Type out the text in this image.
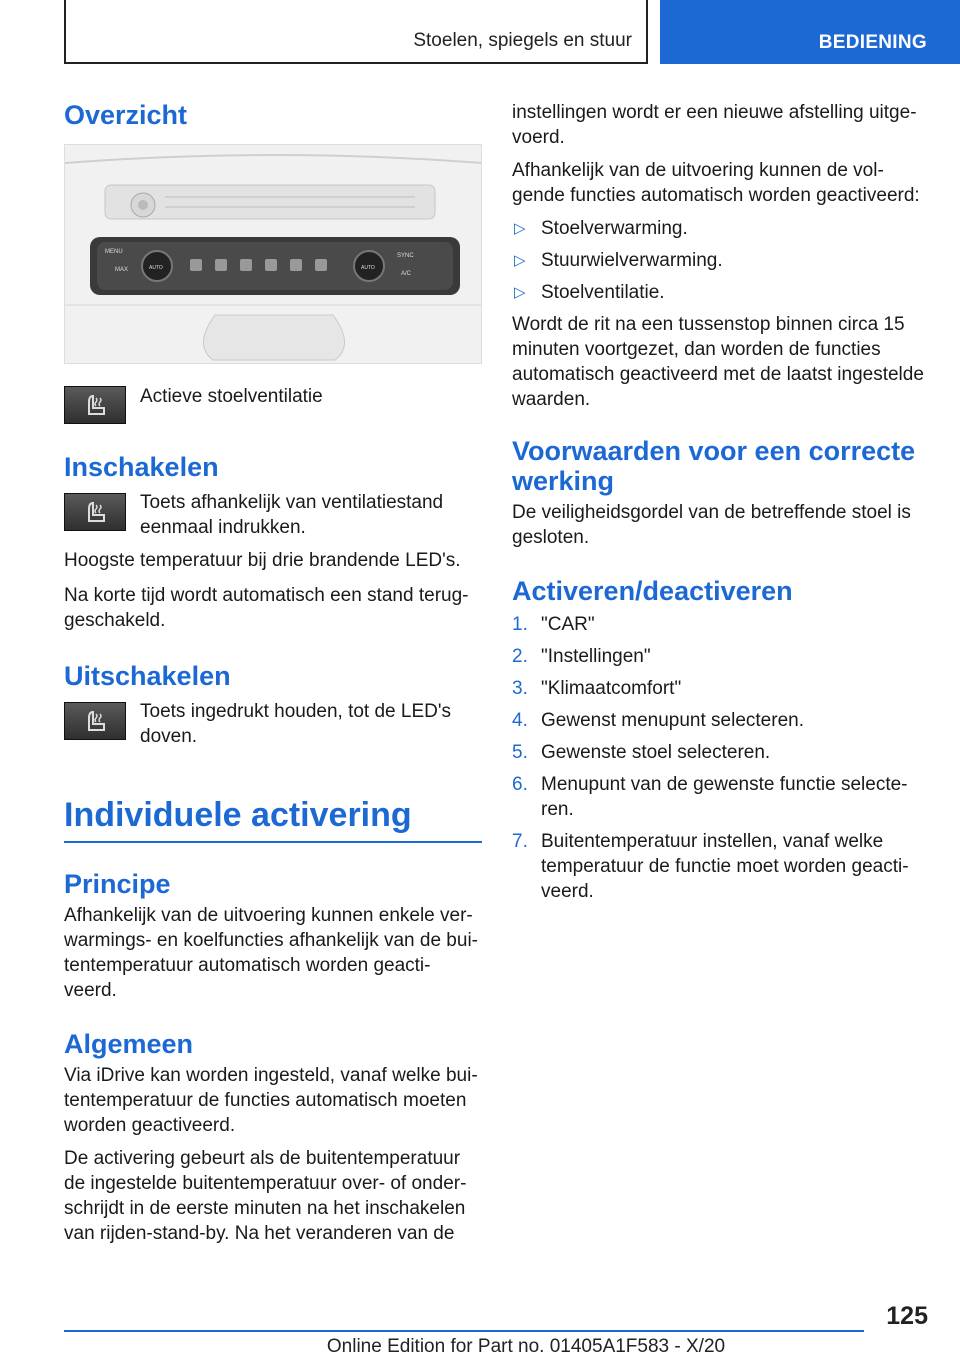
Stoelen, spiegels en stuur	BEDIENING
Overzicht
MENU
MAX	AUTO	AUTO
SYNC
A/C

Actieve stoelventilatie

Inschakelen

Toets afhankelijk van ventilatiestand eenmaal indrukken.

Hoogste temperatuur bij drie brandende LED's.

Na korte tijd wordt automatisch een stand terug-geschakeld.

Uitschakelen

Toets ingedrukt houden, tot de LED's doven.

Individuele activering
Principe

Afhankelijk van de uitvoering kunnen enkele ver-warmings- en koelfuncties afhankelijk van de bui-tentemperatuur automatisch worden geacti-veerd.

Algemeen

Via iDrive kan worden ingesteld, vanaf welke bui-tentemperatuur de functies automatisch moeten worden geactiveerd.

De activering gebeurt als de buitentemperatuur de ingestelde buitentemperatuur over- of onder-schrijdt in de eerste minuten na het inschakelen van rijden-stand-by. Na het veranderen van de

instellingen wordt er een nieuwe afstelling uitge-voerd.

Afhankelijk van de uitvoering kunnen de vol-gende functies automatisch worden geactiveerd:

▷ Stoelverwarming.
▷ Stuurwielverwarming.
▷ Stoelventilatie.

Wordt de rit na een tussenstop binnen circa 15 minuten voortgezet, dan worden de functies automatisch geactiveerd met de laatst ingestelde waarden.

Voorwaarden voor een correcte werking

De veiligheidsgordel van de betreffende stoel is gesloten.

Activeren/deactiveren
1. "CAR"
2. "Instellingen"
3. "Klimaatcomfort"
4. Gewenst menupunt selecteren.
5. Gewenste stoel selecteren.
6. Menupunt van de gewenste functie selecte-ren.
7. Buitentemperatuur instellen, vanaf welke temperatuur de functie moet worden geacti-veerd.
125
Online Edition for Part no. 01405A1F583 - X/20
